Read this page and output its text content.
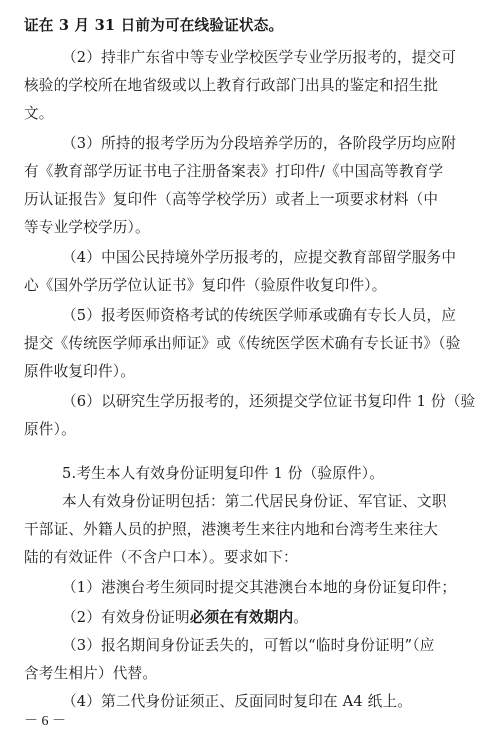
证在 3 月 31 日前为可在线验证状态。
（2）持非广东省中等专业学校医学专业学历报考的，提交可
核验的学校所在地省级或以上教育行政部门出具的鉴定和招生批
文。
（3）所持的报考学历为分段培养学历的，各阶段学历均应附
有《教育部学历证书电子注册备案表》打印件/《中国高等教育学
历认证报告》复印件（高等学校学历）或者上一项要求材料（中
等专业学校学历）。
（4）中国公民持境外学历报考的，应提交教育部留学服务中
心《国外学历学位认证书》复印件（验原件收复印件）。
（5）报考医师资格考试的传统医学师承或确有专长人员，应
提交《传统医学师承出师证》或《传统医学医术确有专长证书》（验
原件收复印件）。
（6）以研究生学历报考的，还须提交学位证书复印件 1 份（验
原件）。
5.考生本人有效身份证明复印件 1 份（验原件）。
本人有效身份证明包括：第二代居民身份证、军官证、文职
干部证、外籍人员的护照，港澳考生来往内地和台湾考生来往大
陆的有效证件（不含户口本）。要求如下：
（1）港澳台考生须同时提交其港澳台本地的身份证复印件；
（2）有效身份证明必须在有效期内。
（3）报名期间身份证丢失的，可暂以“临时身份证明”（应
含考生相片）代替。
（4）第二代身份证须正、反面同时复印在 A4 纸上。
－ 6 －
